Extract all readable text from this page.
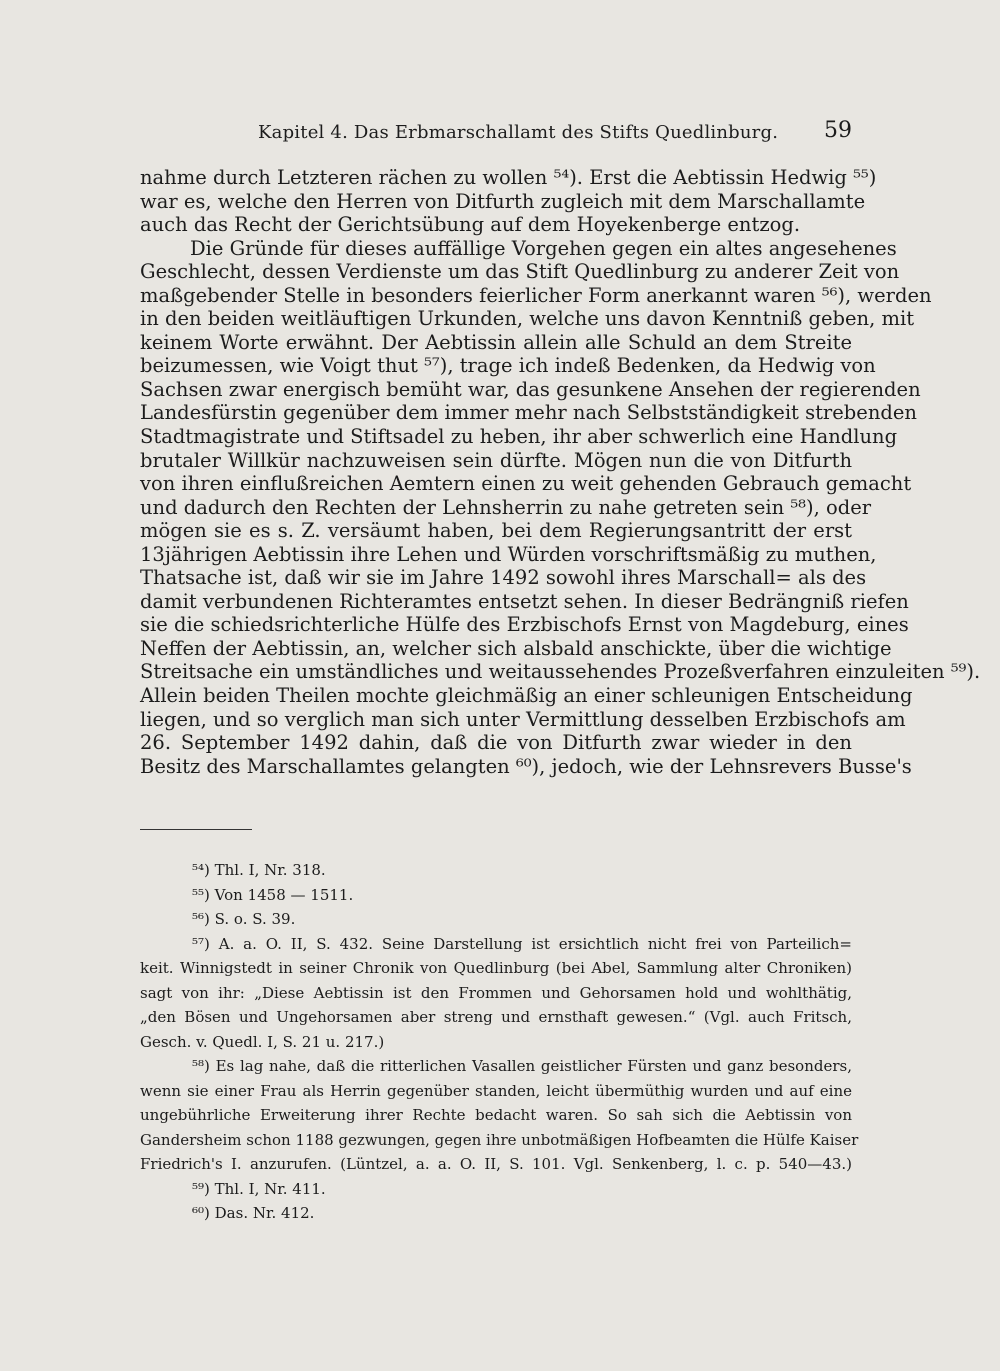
Kapitel 4. Das Erbmarschallamt des Stifts Quedlinburg. 59
nahme durch Letzteren rächen zu wollen ⁵⁴). Erst die Aebtissin Hedwig ⁵⁵)
war es, welche den Herren von Ditfurth zugleich mit dem Marschallamte
auch das Recht der Gerichtsübung auf dem Hoyekenberge entzog.
Die Gründe für dieses auffällige Vorgehen gegen ein altes angesehenes
Geschlecht, dessen Verdienste um das Stift Quedlinburg zu anderer Zeit von
maßgebender Stelle in besonders feierlicher Form anerkannt waren ⁵⁶), werden
in den beiden weitläuftigen Urkunden, welche uns davon Kenntniß geben, mit
keinem Worte erwähnt. Der Aebtissin allein alle Schuld an dem Streite
beizumessen, wie Voigt thut ⁵⁷), trage ich indeß Bedenken, da Hedwig von
Sachsen zwar energisch bemüht war, das gesunkene Ansehen der regierenden
Landesfürstin gegenüber dem immer mehr nach Selbstständigkeit strebenden
Stadtmagistrate und Stiftsadel zu heben, ihr aber schwerlich eine Handlung
brutaler Willkür nachzuweisen sein dürfte. Mögen nun die von Ditfurth
von ihren einflußreichen Aemtern einen zu weit gehenden Gebrauch gemacht
und dadurch den Rechten der Lehnsherrin zu nahe getreten sein ⁵⁸), oder
mögen sie es s. Z. versäumt haben, bei dem Regierungsantritt der erst
13jährigen Aebtissin ihre Lehen und Würden vorschriftsmäßig zu muthen,
Thatsache ist, daß wir sie im Jahre 1492 sowohl ihres Marschall= als des
damit verbundenen Richteramtes entsetzt sehen. In dieser Bedrängniß riefen
sie die schiedsrichterliche Hülfe des Erzbischofs Ernst von Magdeburg, eines
Neffen der Aebtissin, an, welcher sich alsbald anschickte, über die wichtige
Streitsache ein umständliches und weitaussehendes Prozeßverfahren einzuleiten ⁵⁹).
Allein beiden Theilen mochte gleichmäßig an einer schleunigen Entscheidung
liegen, und so verglich man sich unter Vermittlung desselben Erzbischofs am
26. September 1492 dahin, daß die von Ditfurth zwar wieder in den
Besitz des Marschallamtes gelangten ⁶⁰), jedoch, wie der Lehnsrevers Busse's
⁵⁴) Thl. I, Nr. 318.
⁵⁵) Von 1458 — 1511.
⁵⁶) S. o. S. 39.
⁵⁷) A. a. O. II, S. 432. Seine Darstellung ist ersichtlich nicht frei von Parteilich=
keit. Winnigstedt in seiner Chronik von Quedlinburg (bei Abel, Sammlung alter Chroniken)
sagt von ihr: „Diese Aebtissin ist den Frommen und Gehorsamen hold und wohlthätig,
„den Bösen und Ungehorsamen aber streng und ernsthaft gewesen.“ (Vgl. auch Fritsch,
Gesch. v. Quedl. I, S. 21 u. 217.)
⁵⁸) Es lag nahe, daß die ritterlichen Vasallen geistlicher Fürsten und ganz besonders,
wenn sie einer Frau als Herrin gegenüber standen, leicht übermüthig wurden und auf eine
ungebührliche Erweiterung ihrer Rechte bedacht waren. So sah sich die Aebtissin von
Gandersheim schon 1188 gezwungen, gegen ihre unbotmäßigen Hofbeamten die Hülfe Kaiser
Friedrich's I. anzurufen. (Lüntzel, a. a. O. II, S. 101. Vgl. Senkenberg, l. c. p. 540—43.)
⁵⁹) Thl. I, Nr. 411.
⁶⁰) Das. Nr. 412.
